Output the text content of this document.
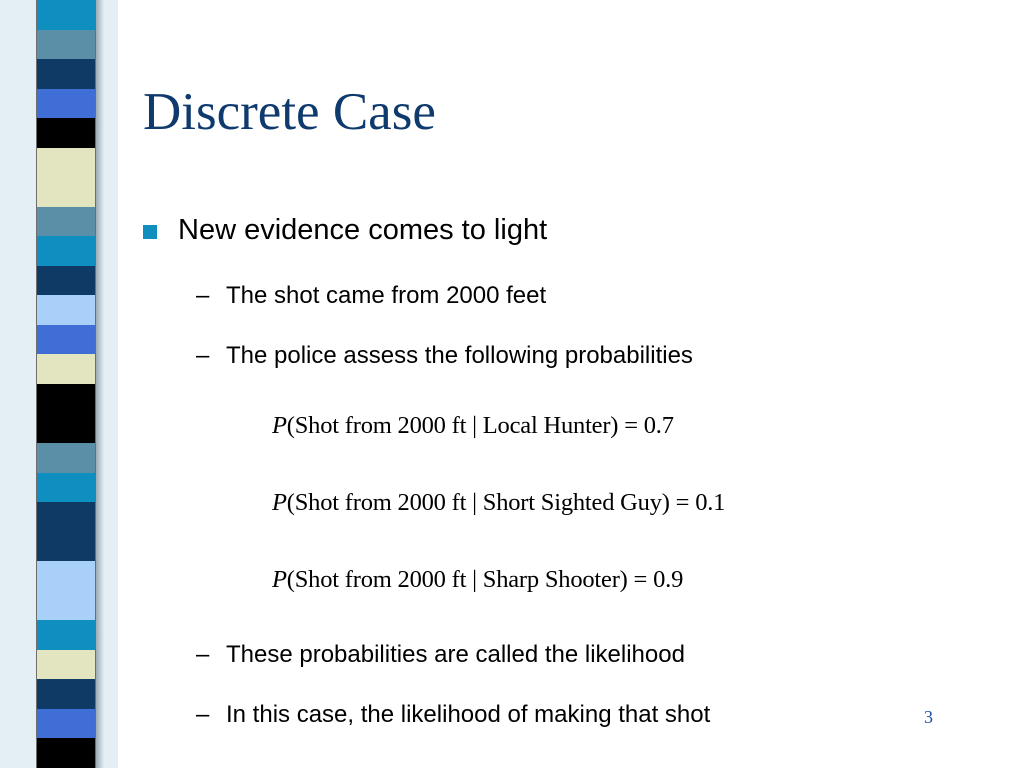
Discrete Case
New evidence comes to light
– The shot came from 2000 feet
– The police assess the following probabilities
P(Shot from 2000 ft | Local Hunter) = 0.7
P(Shot from 2000 ft | Short Sighted Guy) = 0.1
P(Shot from 2000 ft | Sharp Shooter) = 0.9
– These probabilities are called the likelihood
– In this case, the likelihood of making that shot	3
